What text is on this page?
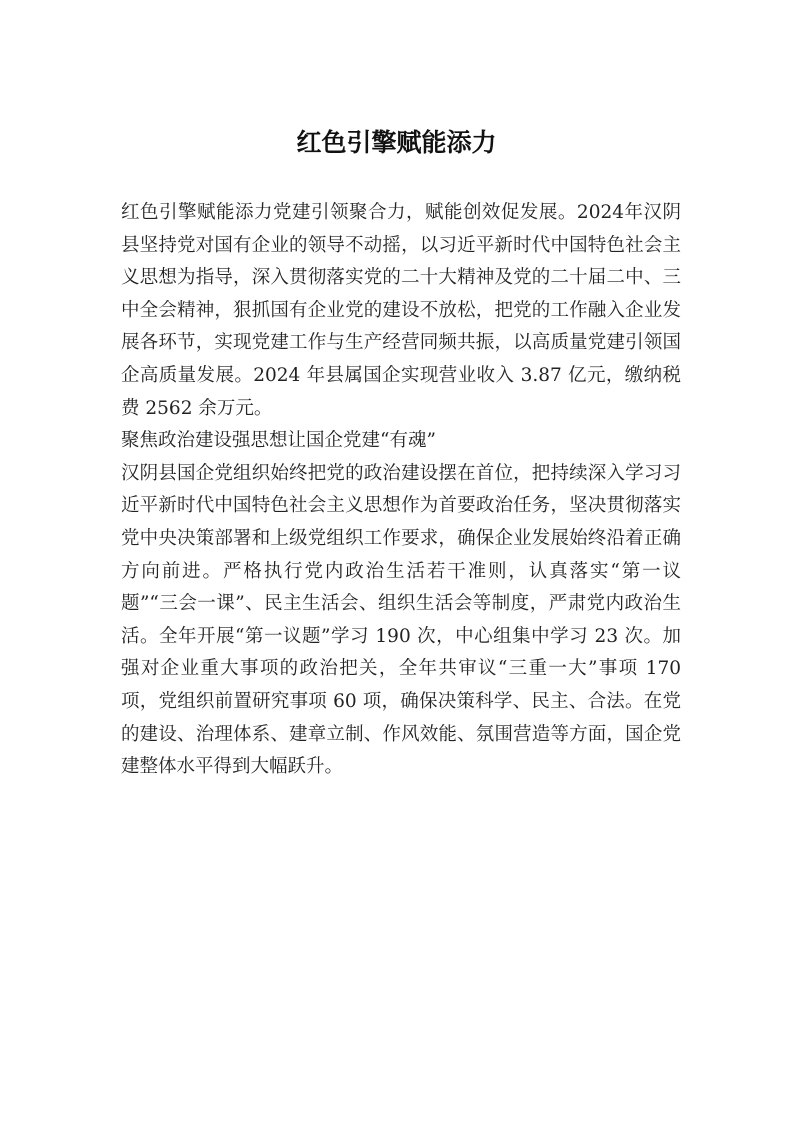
红色引擎赋能添力

红色引擎赋能添力党建引领聚合力，赋能创效促发展。2024年汉阴县坚持党对国有企业的领导不动摇，以习近平新时代中国特色社会主义思想为指导，深入贯彻落实党的二十大精神及党的二十届二中、三中全会精神，狠抓国有企业党的建设不放松，把党的工作融入企业发展各环节，实现党建工作与生产经营同频共振，以高质量党建引领国企高质量发展。2024 年县属国企实现营业收入 3.87 亿元，缴纳税费 2562 余万元。

聚焦政治建设强思想让国企党建“有魂”

汉阴县国企党组织始终把党的政治建设摆在首位，把持续深入学习习近平新时代中国特色社会主义思想作为首要政治任务，坚决贯彻落实党中央决策部署和上级党组织工作要求，确保企业发展始终沿着正确方向前进。严格执行党内政治生活若干准则，认真落实“第一议题”“三会一课”、民主生活会、组织生活会等制度，严肃党内政治生活。全年开展“第一议题”学习 190 次，中心组集中学习 23 次。加强对企业重大事项的政治把关，全年共审议“三重一大”事项 170 项，党组织前置研究事项 60 项，确保决策科学、民主、合法。在党的建设、治理体系、建章立制、作风效能、氛围营造等方面，国企党建整体水平得到大幅跃升。
